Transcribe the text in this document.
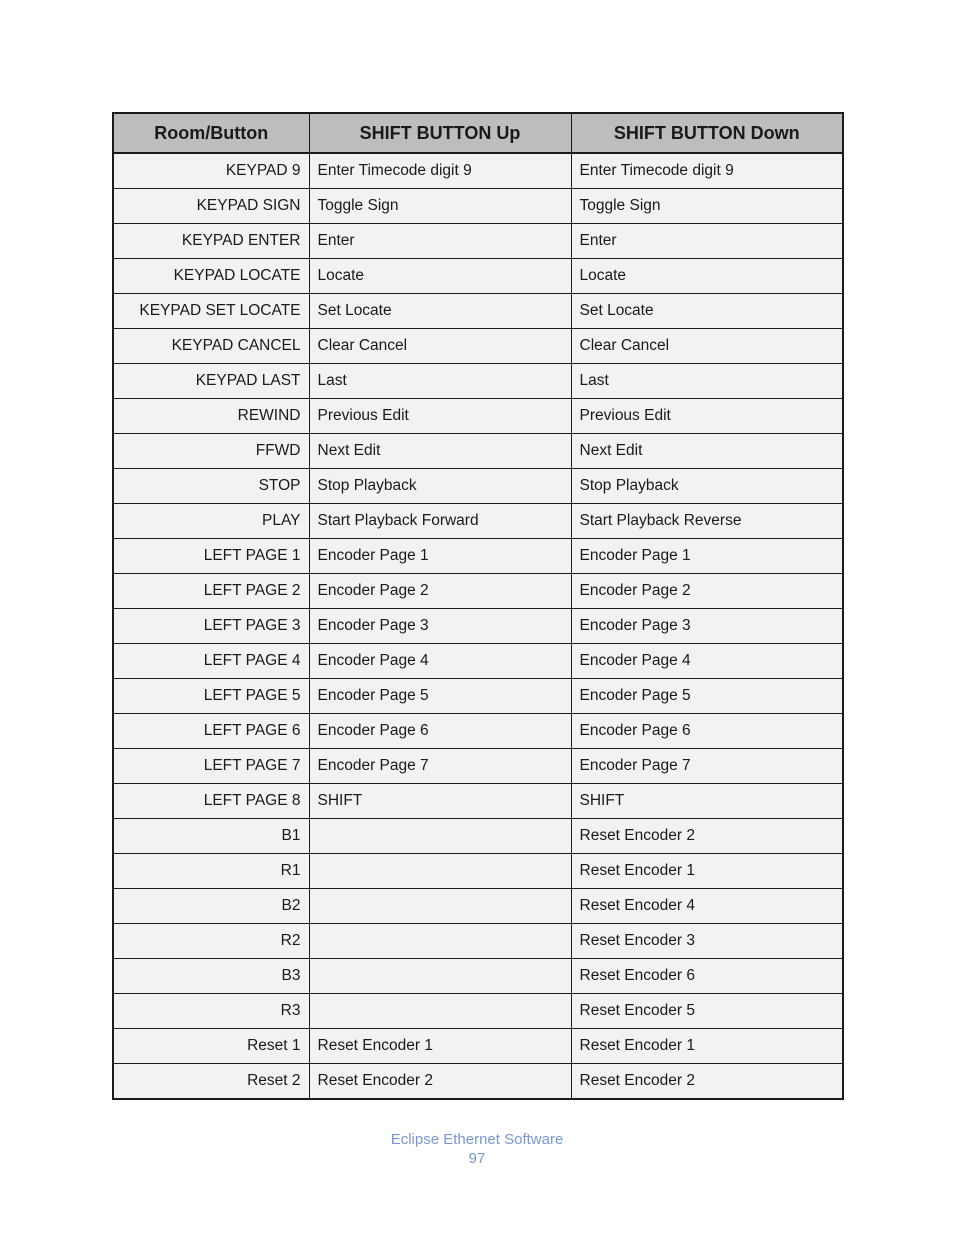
Room/Button	SHIFT BUTTON Up	SHIFT BUTTON Down
KEYPAD 9	Enter Timecode digit 9	Enter Timecode digit 9
KEYPAD SIGN	Toggle Sign	Toggle Sign
KEYPAD ENTER	Enter	Enter
KEYPAD LOCATE	Locate	Locate
KEYPAD SET LOCATE	Set Locate	Set Locate
KEYPAD CANCEL	Clear Cancel	Clear Cancel
KEYPAD LAST	Last	Last
REWIND	Previous Edit	Previous Edit
FFWD	Next Edit	Next Edit
STOP	Stop Playback	Stop Playback
PLAY	Start Playback Forward	Start Playback Reverse
LEFT PAGE 1	Encoder Page 1	Encoder Page 1
LEFT PAGE 2	Encoder Page 2	Encoder Page 2
LEFT PAGE 3	Encoder Page 3	Encoder Page 3
LEFT PAGE 4	Encoder Page 4	Encoder Page 4
LEFT PAGE 5	Encoder Page 5	Encoder Page 5
LEFT PAGE 6	Encoder Page 6	Encoder Page 6
LEFT PAGE 7	Encoder Page 7	Encoder Page 7
LEFT PAGE 8	SHIFT	SHIFT
B1		Reset Encoder 2
R1		Reset Encoder 1
B2		Reset Encoder 4
R2		Reset Encoder 3
B3		Reset Encoder 6
R3		Reset Encoder 5
Reset 1	Reset Encoder 1	Reset Encoder 1
Reset 2	Reset Encoder 2	Reset Encoder 2
Eclipse Ethernet Software
97
